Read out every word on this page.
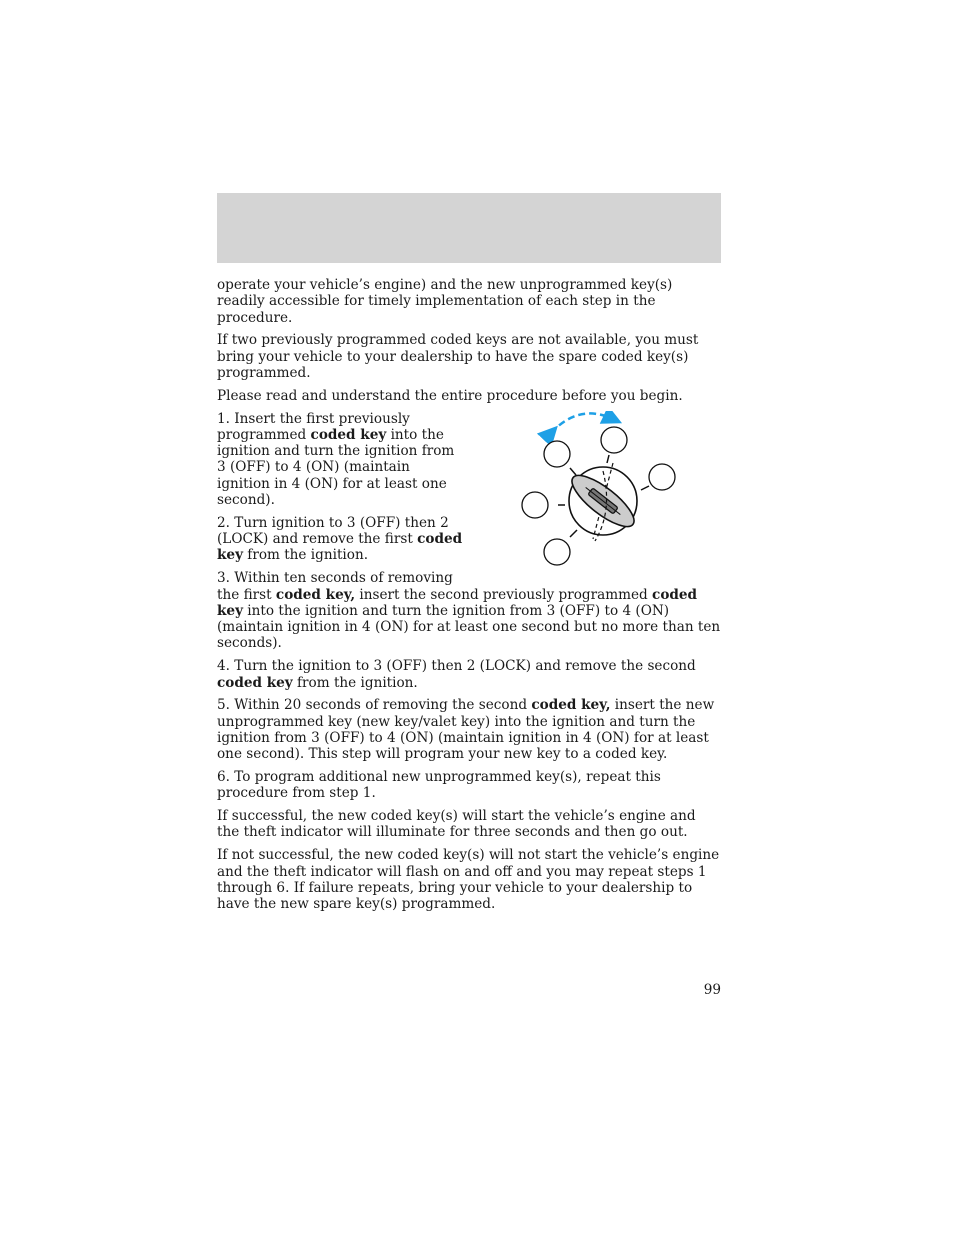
operate your vehicle’s engine) and the new unprogrammed key(s) readily accessible for timely implementation of each step in the procedure.

If two previously programmed coded keys are not available, you must bring your vehicle to your dealership to have the spare coded key(s) programmed.

Please read and understand the entire procedure before you begin.

1. Insert the first previously programmed coded key into the ignition and turn the ignition from 3 (OFF) to 4 (ON) (maintain ignition in 4 (ON) for at least one second).

2. Turn ignition to 3 (OFF) then 2 (LOCK) and remove the first coded key from the ignition.

3. Within ten seconds of removing the first coded key, insert the second previously programmed coded key into the ignition and turn the ignition from 3 (OFF) to 4 (ON) (maintain ignition in 4 (ON) for at least one second but no more than ten seconds).

4. Turn the ignition to 3 (OFF) then 2 (LOCK) and remove the second coded key from the ignition.

5. Within 20 seconds of removing the second coded key, insert the new unprogrammed key (new key/valet key) into the ignition and turn the ignition from 3 (OFF) to 4 (ON) (maintain ignition in 4 (ON) for at least one second). This step will program your new key to a coded key.

6. To program additional new unprogrammed key(s), repeat this procedure from step 1.

If successful, the new coded key(s) will start the vehicle’s engine and the theft indicator will illuminate for three seconds and then go out.

If not successful, the new coded key(s) will not start the vehicle’s engine and the theft indicator will flash on and off and you may repeat steps 1 through 6. If failure repeats, bring your vehicle to your dealership to have the new spare key(s) programmed.

99
